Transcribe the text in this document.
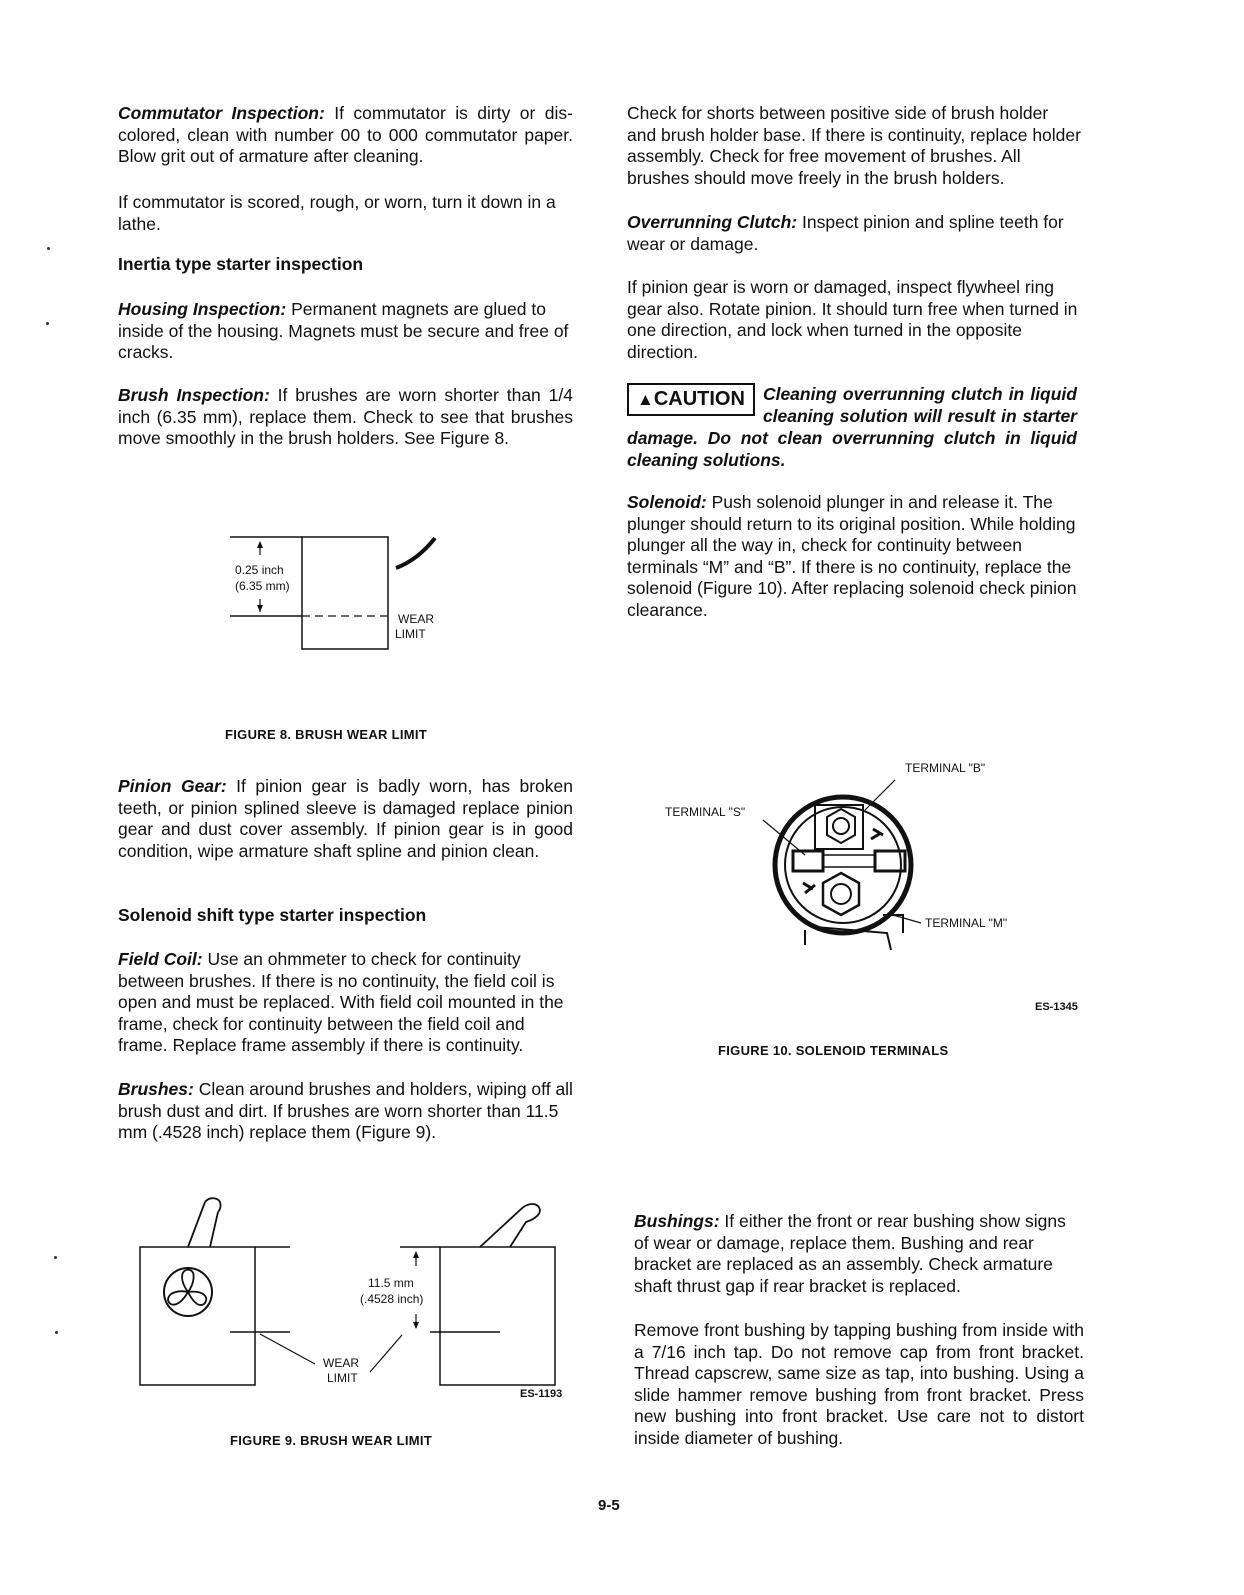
Commutator Inspection: If commutator is dirty or dis-colored, clean with number 00 to 000 commutator paper. Blow grit out of armature after cleaning.

If commutator is scored, rough, or worn, turn it down in a lathe.

Inertia type starter inspection

Housing Inspection: Permanent magnets are glued to inside of the housing. Magnets must be secure and free of cracks.

Brush Inspection: If brushes are worn shorter than 1/4 inch (6.35 mm), replace them. Check to see that brushes move smoothly in the brush holders. See Figure 8.

0.25 inch
(6.35 mm)
WEAR
LIMIT
FIGURE 8. BRUSH WEAR LIMIT

Pinion Gear: If pinion gear is badly worn, has broken teeth, or pinion splined sleeve is damaged replace pinion gear and dust cover assembly. If pinion gear is in good condition, wipe armature shaft spline and pinion clean.

Solenoid shift type starter inspection

Field Coil: Use an ohmmeter to check for continuity between brushes. If there is no continuity, the field coil is open and must be replaced. With field coil mounted in the frame, check for continuity between the field coil and frame. Replace frame assembly if there is continuity.

Brushes: Clean around brushes and holders, wiping off all brush dust and dirt. If brushes are worn shorter than 11.5 mm (.4528 inch) replace them (Figure 9).

11.5 mm
(.4528 inch)
WEAR
LIMIT
ES-1193
FIGURE 9. BRUSH WEAR LIMIT

Check for shorts between positive side of brush holder and brush holder base. If there is continuity, replace holder assembly. Check for free movement of brushes. All brushes should move freely in the brush holders.

Overrunning Clutch: Inspect pinion and spline teeth for wear or damage.

If pinion gear is worn or damaged, inspect flywheel ring gear also. Rotate pinion. It should turn free when turned in one direction, and lock when turned in the opposite direction.

▲CAUTION	Cleaning overrunning clutch in liquid cleaning solution will result in starter damage. Do not clean overrunning clutch in liquid cleaning solutions.

Solenoid: Push solenoid plunger in and release it. The plunger should return to its original position. While holding plunger all the way in, check for continuity between terminals “M” and “B”. If there is no continuity, replace the solenoid (Figure 10). After replacing solenoid check pinion clearance.

TERMINAL "B"
TERMINAL "S"
TERMINAL "M"
ES-1345
FIGURE 10. SOLENOID TERMINALS

Bushings: If either the front or rear bushing show signs of wear or damage, replace them. Bushing and rear bracket are replaced as an assembly. Check armature shaft thrust gap if rear bracket is replaced.

Remove front bushing by tapping bushing from inside with a 7/16 inch tap. Do not remove cap from front bracket. Thread capscrew, same size as tap, into bushing. Using a slide hammer remove bushing from front bracket. Press new bushing into front bracket. Use care not to distort inside diameter of bushing.

9-5
